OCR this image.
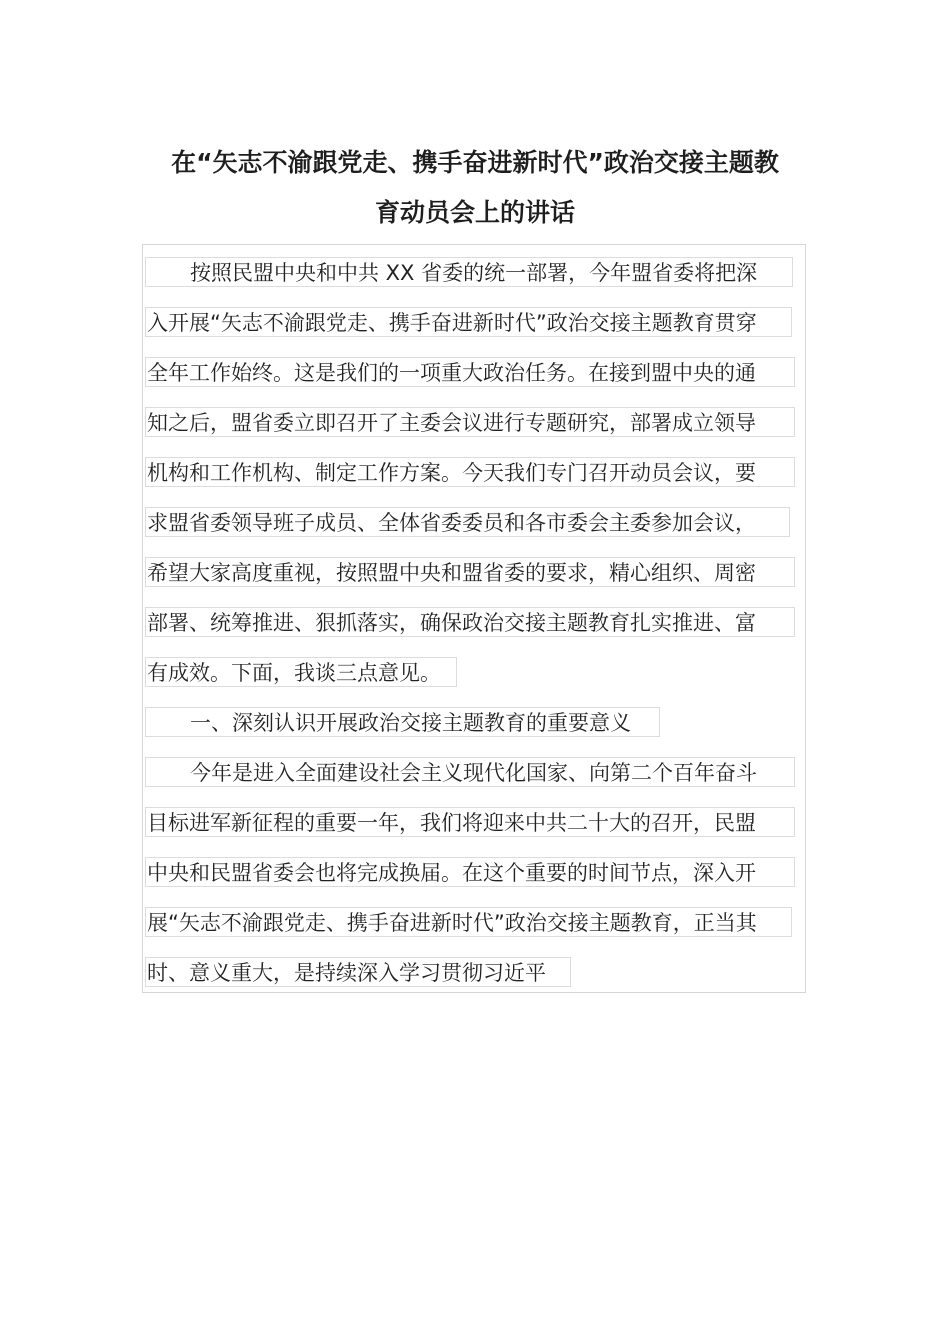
在“矢志不渝跟党走、携手奋进新时代”政治交接主题教
育动员会上的讲话
按照民盟中央和中共 XX 省委的统一部署，今年盟省委将把深
入开展“矢志不渝跟党走、携手奋进新时代”政治交接主题教育贯穿
全年工作始终。这是我们的一项重大政治任务。在接到盟中央的通
知之后，盟省委立即召开了主委会议进行专题研究，部署成立领导
机构和工作机构、制定工作方案。今天我们专门召开动员会议，要
求盟省委领导班子成员、全体省委委员和各市委会主委参加会议，
希望大家高度重视，按照盟中央和盟省委的要求，精心组织、周密
部署、统筹推进、狠抓落实，确保政治交接主题教育扎实推进、富
有成效。下面，我谈三点意见。
一、深刻认识开展政治交接主题教育的重要意义
今年是进入全面建设社会主义现代化国家、向第二个百年奋斗
目标进军新征程的重要一年，我们将迎来中共二十大的召开，民盟
中央和民盟省委会也将完成换届。在这个重要的时间节点，深入开
展“矢志不渝跟党走、携手奋进新时代”政治交接主题教育，正当其
时、意义重大，是持续深入学习贯彻习近平
